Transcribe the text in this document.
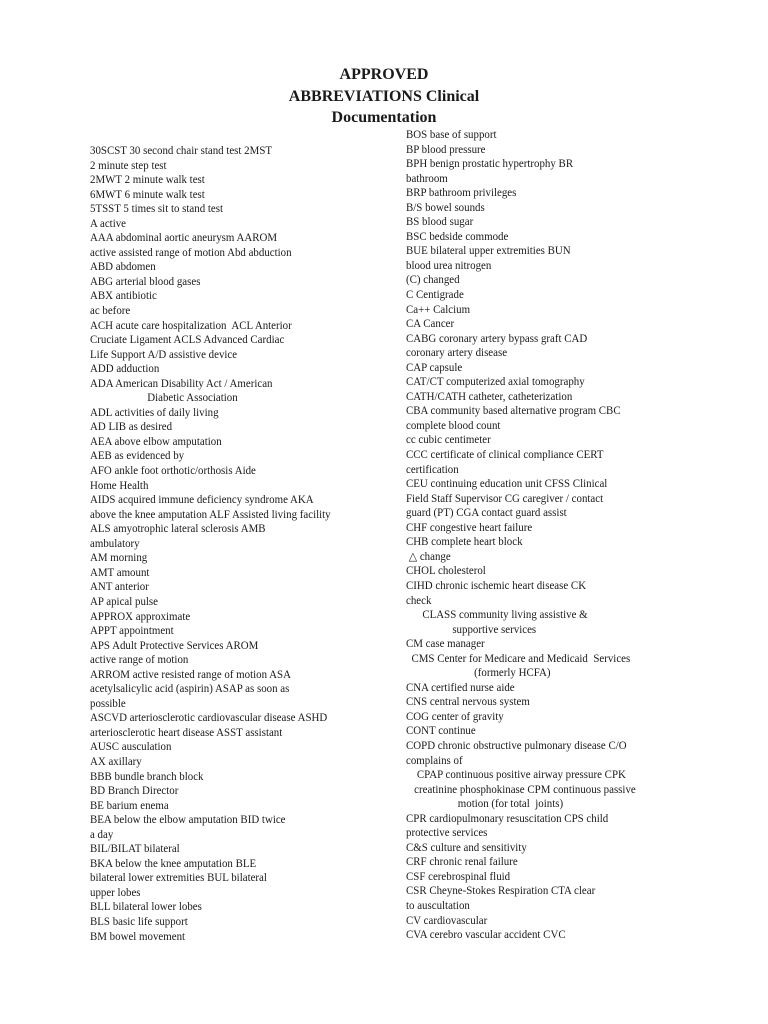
APPROVED
ABBREVIATIONS Clinical
Documentation
30SCST 30 second chair stand test 2MST
2 minute step test
2MWT 2 minute walk test
6MWT 6 minute walk test
5TSST 5 times sit to stand test
A active
AAA abdominal aortic aneurysm AAROM
active assisted range of motion Abd abduction
ABD abdomen
ABG arterial blood gases
ABX antibiotic
ac before
ACH acute care hospitalization  ACL Anterior
Cruciate Ligament ACLS Advanced Cardiac
Life Support A/D assistive device
ADD adduction
ADA American Disability Act / American
Diabetic Association
ADL activities of daily living
AD LIB as desired
AEA above elbow amputation
AEB as evidenced by
AFO ankle foot orthotic/orthosis Aide
Home Health
AIDS acquired immune deficiency syndrome AKA
above the knee amputation ALF Assisted living facility
ALS amyotrophic lateral sclerosis AMB
ambulatory
AM morning
AMT amount
ANT anterior
AP apical pulse
APPROX approximate
APPT appointment
APS Adult Protective Services AROM
active range of motion
ARROM active resisted range of motion ASA
acetylsalicylic acid (aspirin) ASAP as soon as
possible
ASCVD arteriosclerotic cardiovascular disease ASHD
arteriosclerotic heart disease ASST assistant
AUSC ausculation
AX axillary
BBB bundle branch block
BD Branch Director
BE barium enema
BEA below the elbow amputation BID twice
a day
BIL/BILAT bilateral
BKA below the knee amputation BLE
bilateral lower extremities BUL bilateral
upper lobes
BLL bilateral lower lobes
BLS basic life support
BM bowel movement
BOS base of support
BP blood pressure
BPH benign prostatic hypertrophy BR
bathroom
BRP bathroom privileges
B/S bowel sounds
BS blood sugar
BSC bedside commode
BUE bilateral upper extremities BUN
blood urea nitrogen
(C) changed
C Centigrade
Ca++ Calcium
CA Cancer
CABG coronary artery bypass graft CAD
coronary artery disease
CAP capsule
CAT/CT computerized axial tomography
CATH/CATH catheter, catheterization
CBA community based alternative program CBC
complete blood count
cc cubic centimeter
CCC certificate of clinical compliance CERT
certification
CEU continuing education unit CFSS Clinical
Field Staff Supervisor CG caregiver / contact
guard (PT) CGA contact guard assist
CHF congestive heart failure
CHB complete heart block
△ change
CHOL cholesterol
CIHD chronic ischemic heart disease CK
check
CLASS community living assistive &
supportive services
CM case manager
CMS Center for Medicare and Medicaid  Services
(formerly HCFA)
CNA certified nurse aide
CNS central nervous system
COG center of gravity
CONT continue
COPD chronic obstructive pulmonary disease C/O
complains of
CPAP continuous positive airway pressure CPK
creatinine phosphokinase CPM continuous passive
motion (for total  joints)
CPR cardiopulmonary resuscitation CPS child
protective services
C&S culture and sensitivity
CRF chronic renal failure
CSF cerebrospinal fluid
CSR Cheyne-Stokes Respiration CTA clear
to auscultation
CV cardiovascular
CVA cerebro vascular accident CVC
